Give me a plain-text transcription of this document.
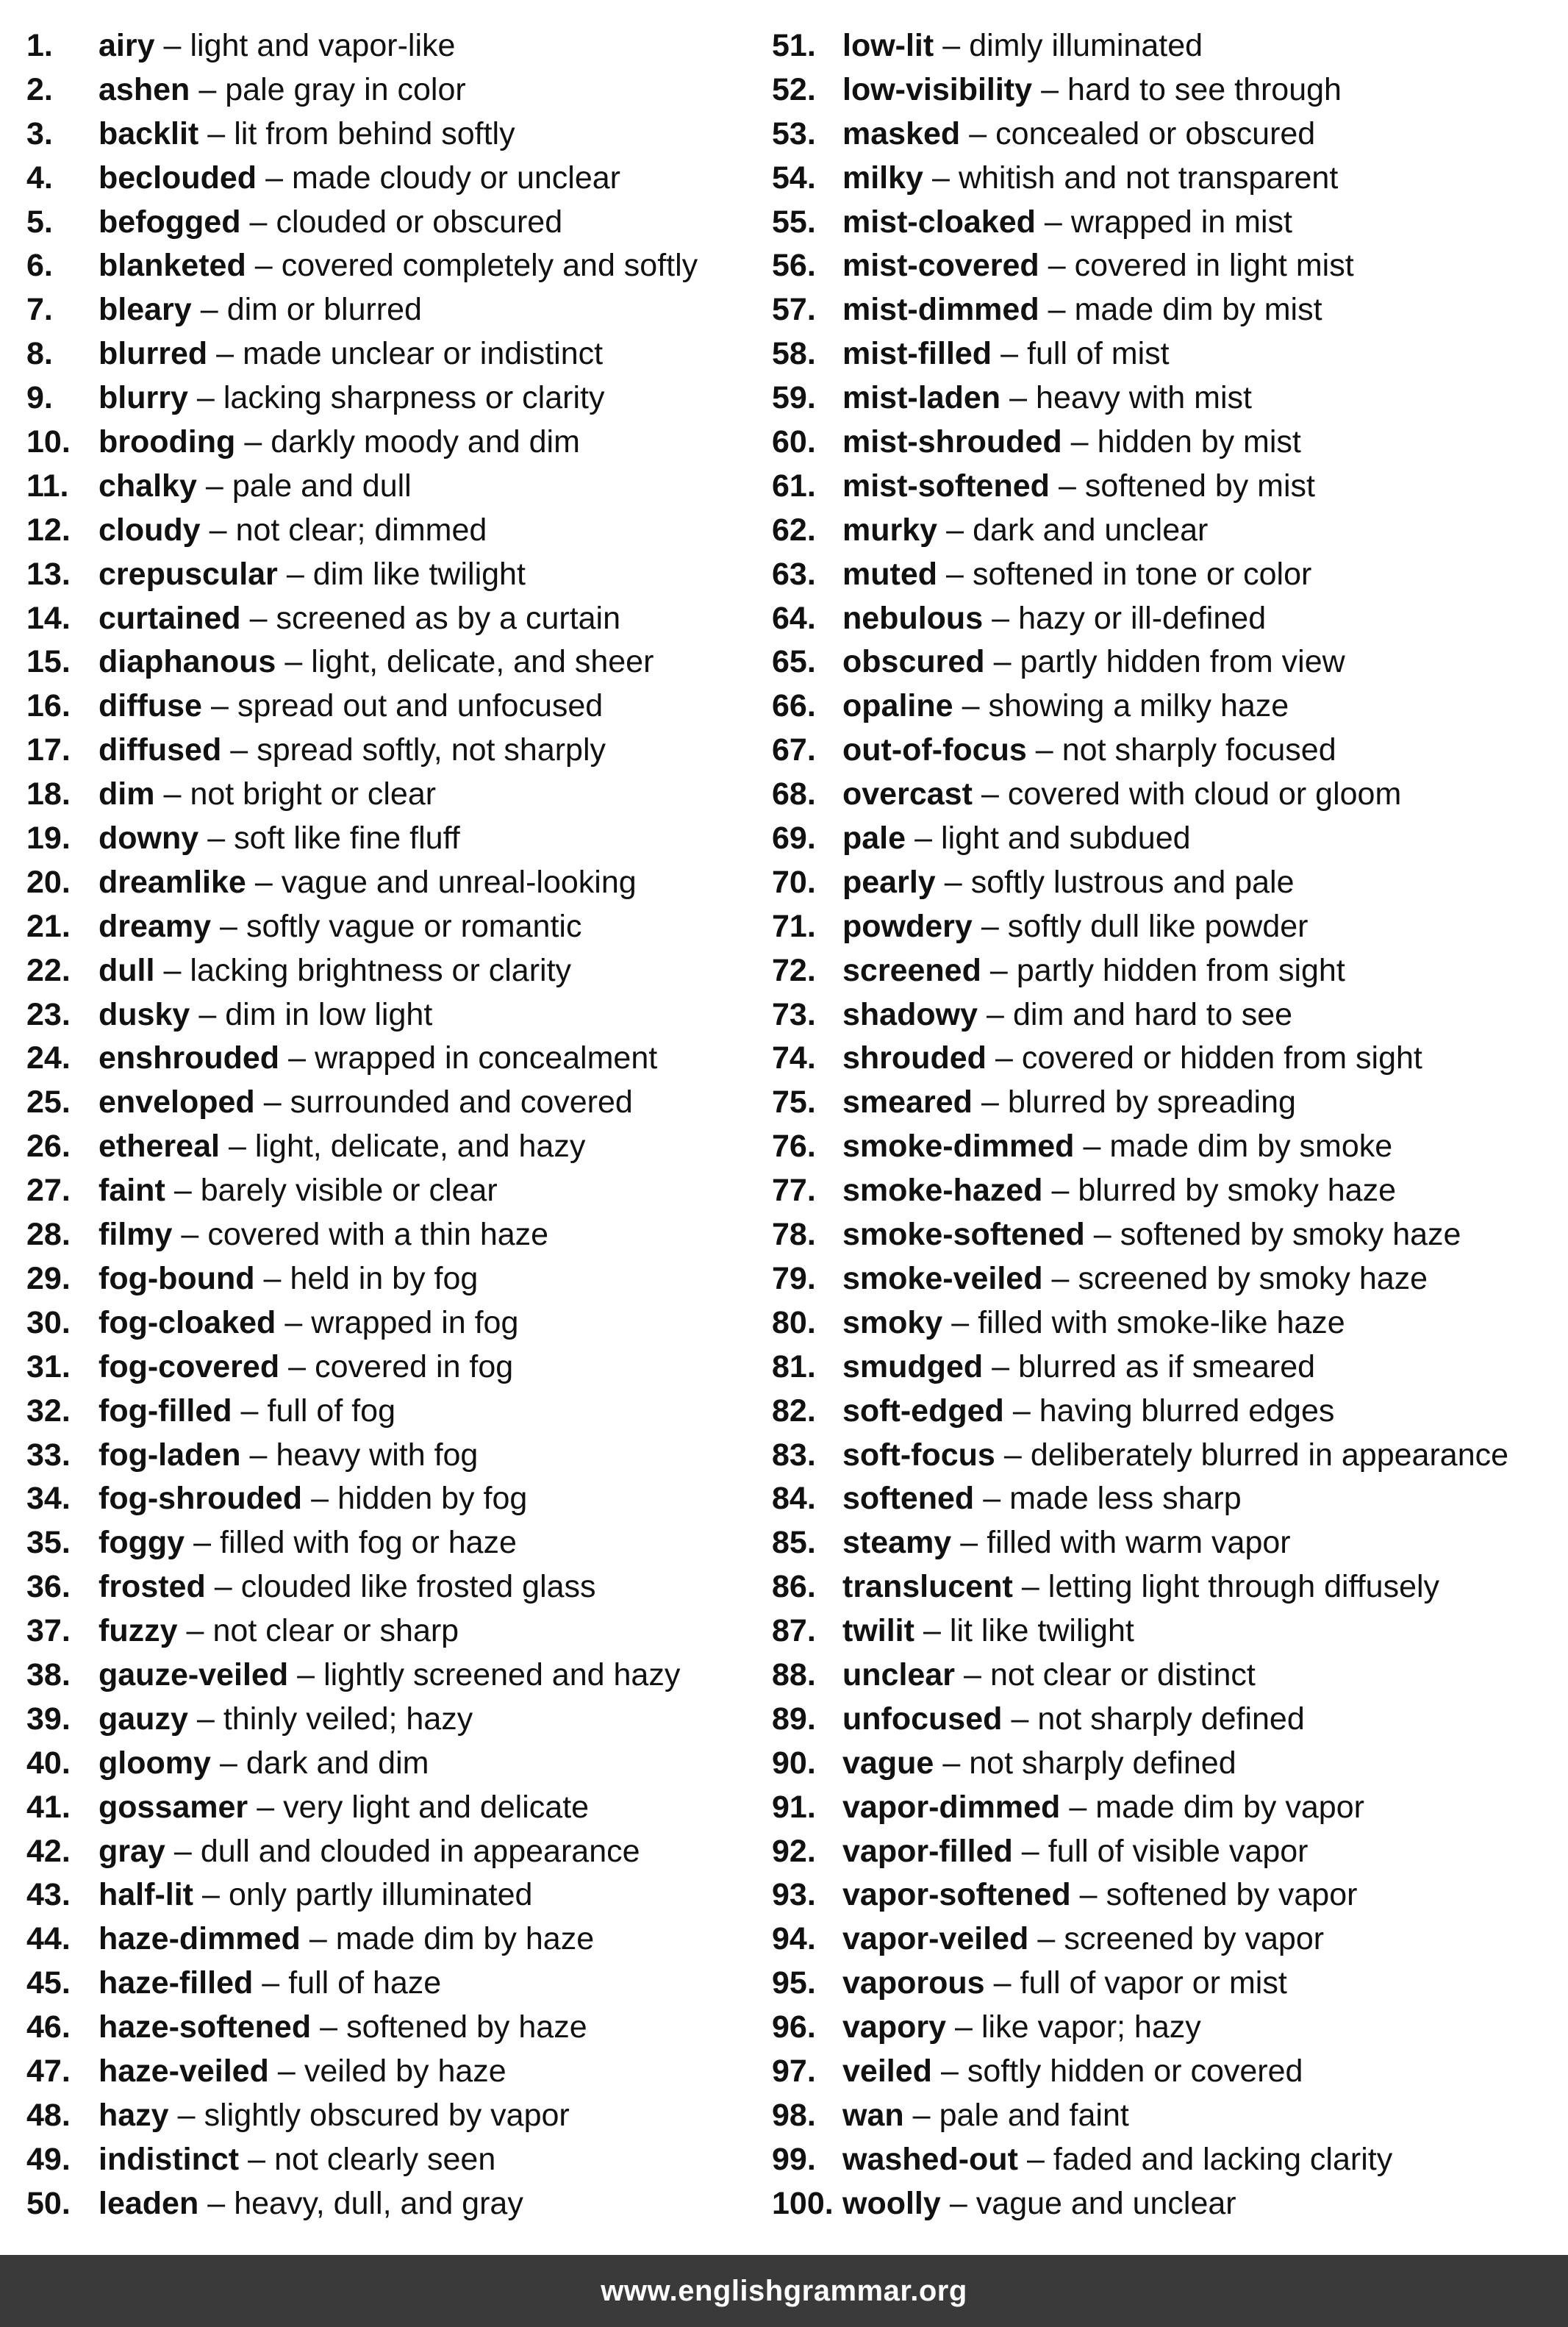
1.	airy – light and vapor-like
2.	ashen – pale gray in color
3.	backlit – lit from behind softly
4.	beclouded – made cloudy or unclear
5.	befogged – clouded or obscured
6.	blanketed – covered completely and softly
7.	bleary – dim or blurred
8.	blurred – made unclear or indistinct
9.	blurry – lacking sharpness or clarity
10. brooding – darkly moody and dim
11. chalky – pale and dull
12. cloudy – not clear; dimmed
13. crepuscular – dim like twilight
14. curtained – screened as by a curtain
15. diaphanous – light, delicate, and sheer
16. diffuse – spread out and unfocused
17. diffused – spread softly, not sharply
18. dim – not bright or clear
19. downy – soft like fine fluff
20. dreamlike – vague and unreal-looking
21. dreamy – softly vague or romantic
22. dull – lacking brightness or clarity
23. dusky – dim in low light
24. enshrouded – wrapped in concealment
25. enveloped – surrounded and covered
26. ethereal – light, delicate, and hazy
27. faint – barely visible or clear
28. filmy – covered with a thin haze
29. fog-bound – held in by fog
30. fog-cloaked – wrapped in fog
31. fog-covered – covered in fog
32. fog-filled – full of fog
33. fog-laden – heavy with fog
34. fog-shrouded – hidden by fog
35. foggy – filled with fog or haze
36. frosted – clouded like frosted glass
37. fuzzy – not clear or sharp
38. gauze-veiled – lightly screened and hazy
39. gauzy – thinly veiled; hazy
40. gloomy – dark and dim
41. gossamer – very light and delicate
42. gray – dull and clouded in appearance
43. half-lit – only partly illuminated
44. haze-dimmed – made dim by haze
45. haze-filled – full of haze
46. haze-softened – softened by haze
47. haze-veiled – veiled by haze
48. hazy – slightly obscured by vapor
49. indistinct – not clearly seen
50. leaden – heavy, dull, and gray
51. low-lit – dimly illuminated
52. low-visibility – hard to see through
53. masked – concealed or obscured
54. milky – whitish and not transparent
55. mist-cloaked – wrapped in mist
56. mist-covered – covered in light mist
57. mist-dimmed – made dim by mist
58. mist-filled – full of mist
59. mist-laden – heavy with mist
60. mist-shrouded – hidden by mist
61. mist-softened – softened by mist
62. murky – dark and unclear
63. muted – softened in tone or color
64. nebulous – hazy or ill-defined
65. obscured – partly hidden from view
66. opaline – showing a milky haze
67. out-of-focus – not sharply focused
68. overcast – covered with cloud or gloom
69. pale – light and subdued
70. pearly – softly lustrous and pale
71. powdery – softly dull like powder
72. screened – partly hidden from sight
73. shadowy – dim and hard to see
74. shrouded – covered or hidden from sight
75. smeared – blurred by spreading
76. smoke-dimmed – made dim by smoke
77. smoke-hazed – blurred by smoky haze
78. smoke-softened – softened by smoky haze
79. smoke-veiled – screened by smoky haze
80. smoky – filled with smoke-like haze
81. smudged – blurred as if smeared
82. soft-edged – having blurred edges
83. soft-focus – deliberately blurred in appearance
84. softened – made less sharp
85. steamy – filled with warm vapor
86. translucent – letting light through diffusely
87. twilit – lit like twilight
88. unclear – not clear or distinct
89. unfocused – not sharply defined
90. vague – not sharply defined
91. vapor-dimmed – made dim by vapor
92. vapor-filled – full of visible vapor
93. vapor-softened – softened by vapor
94. vapor-veiled – screened by vapor
95. vaporous – full of vapor or mist
96. vapory – like vapor; hazy
97. veiled – softly hidden or covered
98. wan – pale and faint
99. washed-out – faded and lacking clarity
100. woolly – vague and unclear
www.englishgrammar.org
